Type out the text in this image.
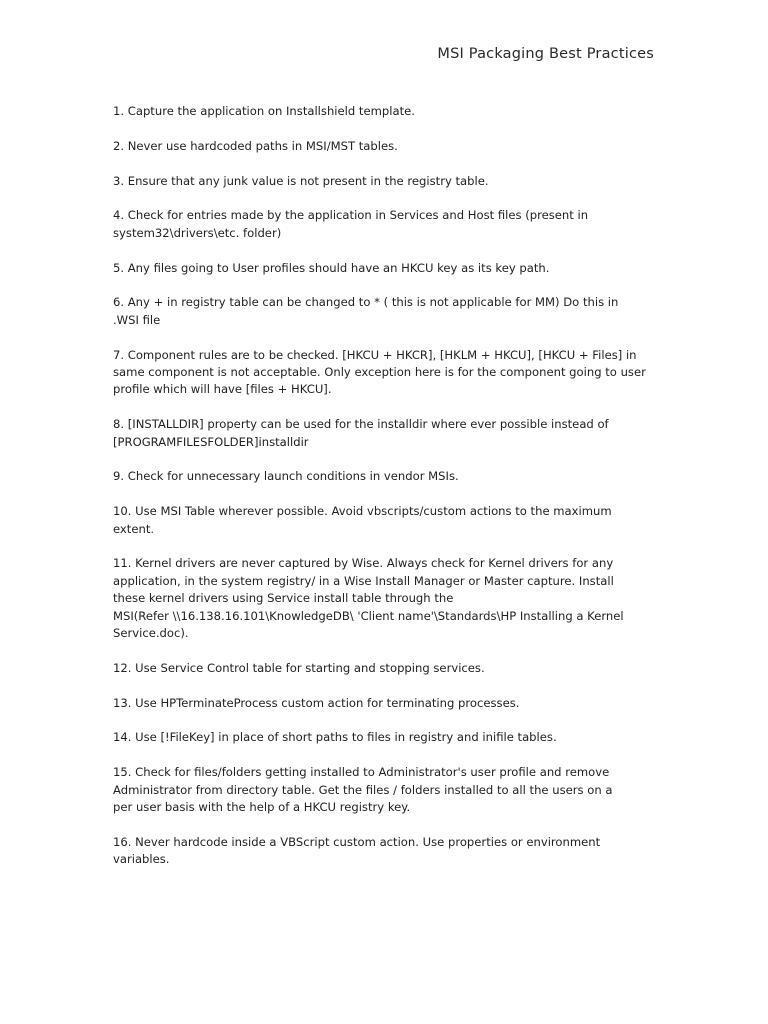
MSI Packaging Best Practices
1. Capture the application on Installshield template.
2. Never use hardcoded paths in MSI/MST tables.
3. Ensure that any junk value is not present in the registry table.
4. Check for entries made by the application in Services and Host files (present in
system32\drivers\etc. folder)
5. Any files going to User profiles should have an HKCU key as its key path.
6. Any + in registry table can be changed to * ( this is not applicable for MM) Do this in
.WSI file
7. Component rules are to be checked. [HKCU + HKCR], [HKLM + HKCU], [HKCU + Files] in
same component is not acceptable. Only exception here is for the component going to user
profile which will have [files + HKCU].
8. [INSTALLDIR] property can be used for the installdir where ever possible instead of
[PROGRAMFILESFOLDER]installdir
9. Check for unnecessary launch conditions in vendor MSIs.
10. Use MSI Table wherever possible. Avoid vbscripts/custom actions to the maximum
extent.
11. Kernel drivers are never captured by Wise. Always check for Kernel drivers for any
application, in the system registry/ in a Wise Install Manager or Master capture. Install
these kernel drivers using Service install table through the
MSI(Refer \\16.138.16.101\KnowledgeDB\ 'Client name'\Standards\HP Installing a Kernel
Service.doc).
12. Use Service Control table for starting and stopping services.
13. Use HPTerminateProcess custom action for terminating processes.
14. Use [!FileKey] in place of short paths to files in registry and inifile tables.
15. Check for files/folders getting installed to Administrator's user profile and remove
Administrator from directory table. Get the files / folders installed to all the users on a
per user basis with the help of a HKCU registry key.
16. Never hardcode inside a VBScript custom action. Use properties or environment
variables.
